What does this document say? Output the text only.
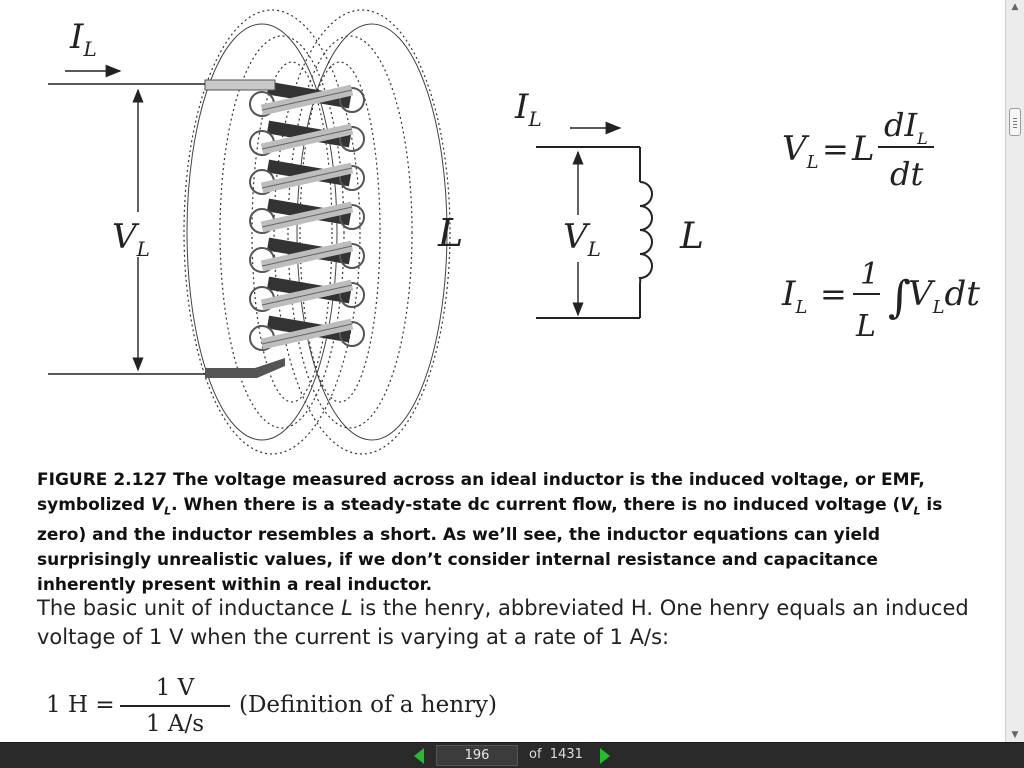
$I_L$
$V_L$	L
$I_L$
$V_L$ L
$V_L = L$
$dI_L$
dt
$I_L$ =
1
L
∫
$V_Ldt$

FIGURE 2.127 The voltage measured across an ideal inductor is the induced voltage, or EMF, symbolized $V_L$. When there is a steady-state dc current flow, there is no induced voltage ($V_L$ is zero) and the inductor resembles a short. As we’ll see, the inductor equations can yield surprisingly unrealistic values, if we don’t consider internal resistance and capacitance inherently present within a real inductor.

The basic unit of inductance L is the henry, abbreviated H. One henry equals an induced voltage of 1 V when the current is varying at a rate of 1 A/s:

1 H =
1 V
1 A/s
(Definition of a henry)
▲
▼
196
of 1431
